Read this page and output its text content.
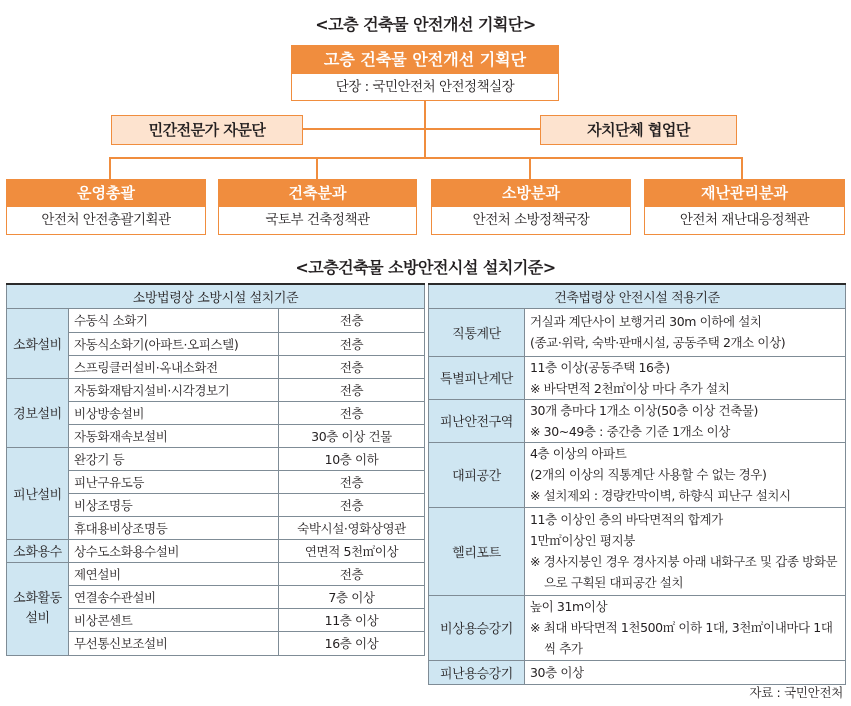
<고층 건축물 안전개선 기획단>
고층 건축물 안전개선 기획단
단장 : 국민안전처 안전정책실장
민간전문가 자문단	자치단체 협업단
운영총괄
안전처 안전총괄기획관
건축분과
국토부 건축정책관
소방분과
안전처 소방정책국장
재난관리분과
안전처 재난대응정책관
<고층건축물 소방안전시설 설치기준>
소방법령상 소방시설 설치기준		
소화설비	수동식 소화기	전층
	자동식소화기(아파트·오피스텔)	전층
	스프링클러설비·옥내소화전	전층
경보설비	자동화재탐지설비·시각경보기	전층
	비상방송설비	전층
	자동화재속보설비	30층 이상 건물
피난설비	완강기 등	10층 이하
	피난구유도등	전층
	비상조명등	전층
	휴대용비상조명등	숙박시설·영화상영관
소화용수	상수도소화용수설비	연면적 5천㎡이상
소화활동설비	제연설비	전층
	연결송수관설비	7층 이상
	비상콘센트	11층 이상
	무선통신보조설비	16층 이상
건축법령상 안전시설 적용기준	
직통계단	거실과 계단사이 보행거리 30m 이하에 설치
(종교·위락, 숙박·판매시설, 공동주택 2개소 이상)

특별피난계단	11층 이상(공동주택 16층)
※ 바닥면적 2천㎡이상 마다 추가 설치

피난안전구역	30개 층마다 1개소 이상(50층 이상 건축물)
※ 30~49층 : 중간층 기준 1개소 이상

대피공간	4층 이상의 아파트
(2개의 이상의 직통계단 사용할 수 없는 경우)
※ 설치제외 : 경량칸막이벽, 하향식 피난구 설치시

헬리포트	11층 이상인 층의 바닥면적의 합계가
1만㎡이상인 평지붕
※ 경사지붕인 경우 경사지붕 아래 내화구조 및 갑종 방화문으로 구획된 대피공간 설치

비상용승강기	높이 31m이상
※ 최대 바닥면적 1천500㎡ 이하 1대, 3천㎡이내마다 1대씩 추가

피난용승강기	30층 이상
자료 : 국민안전처
